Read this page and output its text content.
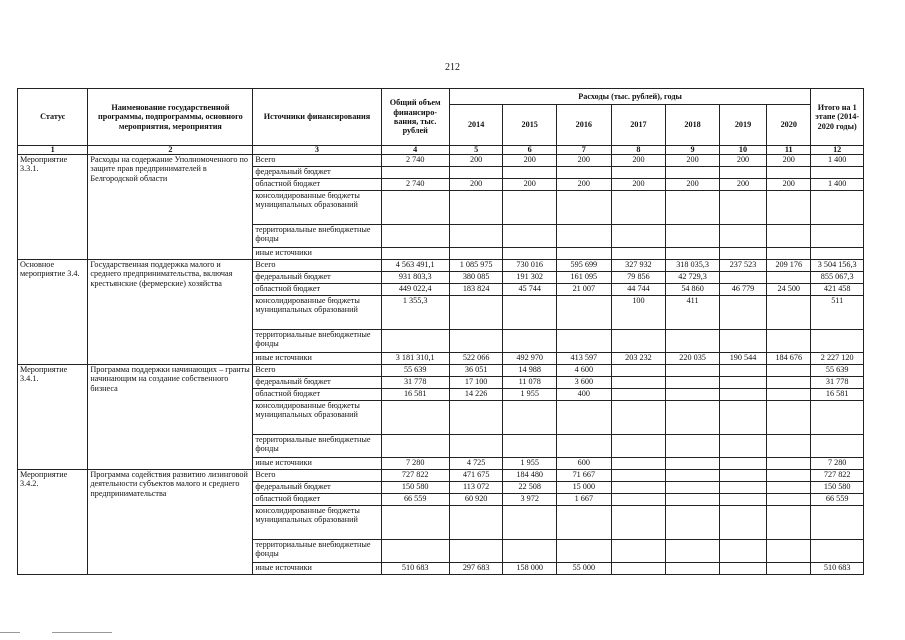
212
Статус	Наименование государственной программы, подпрограммы, основного мероприятия, мероприятия	Источники финансирования	Общий объем финансиро-вания, тыс. рублей	Расходы (тыс. рублей), годы							Итого на 1 этапе (2014-2020 годы)
				2014	2015	2016	2017	2018	2019	2020	
1	2	3	4	5	6	7	8	9	10	11	12
Мероприятие 3.3.1.	Расходы на содержание Уполномоченного по защите прав предпринимателей в Белгородской области	Всего	2 740	200	200	200	200	200	200	200	1 400
		федеральный бюджет									
		областной бюджет	2 740	200	200	200	200	200	200	200	1 400
		консолидированные бюджеты муниципальных образований									
		территориальные внебюджетные фонды									
		иные источники									
Основное мероприятие 3.4.	Государственная поддержка малого и среднего предпринимательства, включая крестьянские (фермерские) хозяйства	Всего	4 563 491,1	1 085 975	730 016	595 699	327 932	318 035,3	237 523	209 176	3 504 156,3
		федеральный бюджет	931 803,3	380 085	191 302	161 095	79 856	42 729,3			855 067,3
		областной бюджет	449 022,4	183 824	45 744	21 007	44 744	54 860	46 779	24 500	421 458
		консолидированные бюджеты муниципальных образований	1 355,3				100	411			511
		территориальные внебюджетные фонды									
		иные источники	3 181 310,1	522 066	492 970	413 597	203 232	220 035	190 544	184 676	2 227 120
Мероприятие 3.4.1.	Программа поддержки начинающих – гранты начинающим на создание собственного бизнеса	Всего	55 639	36 051	14 988	4 600					55 639
		федеральный бюджет	31 778	17 100	11 078	3 600					31 778
		областной бюджет	16 581	14 226	1 955	400					16 581
		консолидированные бюджеты муниципальных образований									
		территориальные внебюджетные фонды									
		иные источники	7 280	4 725	1 955	600					7 280
Мероприятие 3.4.2.	Программа содействия развитию лизинговой деятельности субъектов малого и среднего предпринимательства	Всего	727 822	471 675	184 480	71 667					727 822
		федеральный бюджет	150 580	113 072	22 508	15 000					150 580
		областной бюджет	66 559	60 920	3 972	1 667					66 559
		консолидированные бюджеты муниципальных образований									
		территориальные внебюджетные фонды									
		иные источники	510 683	297 683	158 000	55 000					510 683
